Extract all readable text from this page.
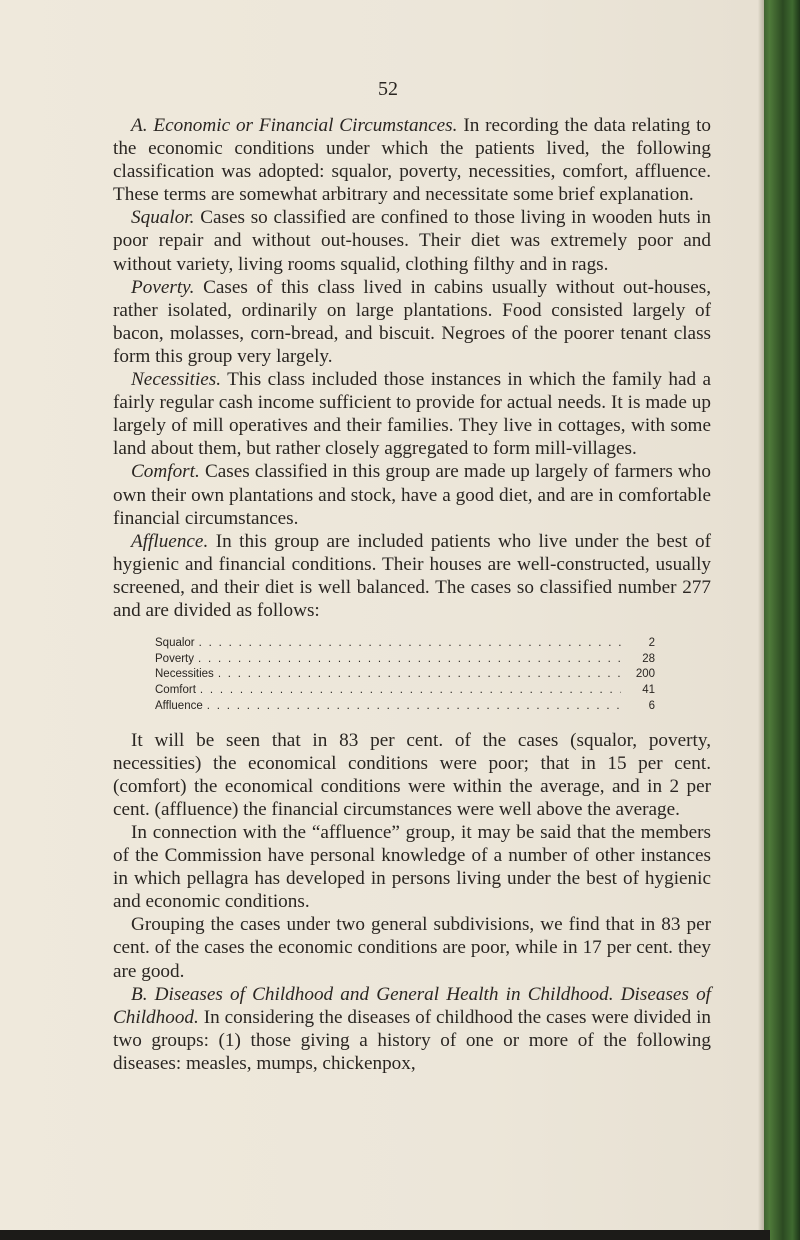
52

A. Economic or Financial Circumstances. In recording the data relating to the economic conditions under which the patients lived, the following classification was adopted: squalor, poverty, necessities, comfort, affluence. These terms are somewhat arbitrary and necessitate some brief explanation.

Squalor. Cases so classified are confined to those living in wooden huts in poor repair and without out-houses. Their diet was extremely poor and without variety, living rooms squalid, clothing filthy and in rags.

Poverty. Cases of this class lived in cabins usually without out-houses, rather isolated, ordinarily on large plantations. Food consisted largely of bacon, molasses, corn-bread, and biscuit. Negroes of the poorer tenant class form this group very largely.

Necessities. This class included those instances in which the family had a fairly regular cash income sufficient to provide for actual needs. It is made up largely of mill operatives and their families. They live in cottages, with some land about them, but rather closely aggregated to form mill-villages.

Comfort. Cases classified in this group are made up largely of farmers who own their own plantations and stock, have a good diet, and are in comfortable financial circumstances.

Affluence. In this group are included patients who live under the best of hygienic and financial conditions. Their houses are well-constructed, usually screened, and their diet is well balanced. The cases so classified number 277 and are divided as follows:

Squalor . . .	2
Poverty . . .	28
Necessities . . .	200
Comfort . . .	41
Affluence . . .	6

It will be seen that in 83 per cent. of the cases (squalor, poverty, necessities) the economical conditions were poor; that in 15 per cent. (comfort) the economical conditions were within the average, and in 2 per cent. (affluence) the financial circumstances were well above the average.

In connection with the “affluence” group, it may be said that the members of the Commission have personal knowledge of a number of other instances in which pellagra has developed in persons living under the best of hygienic and economic conditions.

Grouping the cases under two general subdivisions, we find that in 83 per cent. of the cases the economic conditions are poor, while in 17 per cent. they are good.

B. Diseases of Childhood and General Health in Childhood. Diseases of Childhood. In considering the diseases of childhood the cases were divided in two groups: (1) those giving a history of one or more of the following diseases: measles, mumps, chickenpox,
